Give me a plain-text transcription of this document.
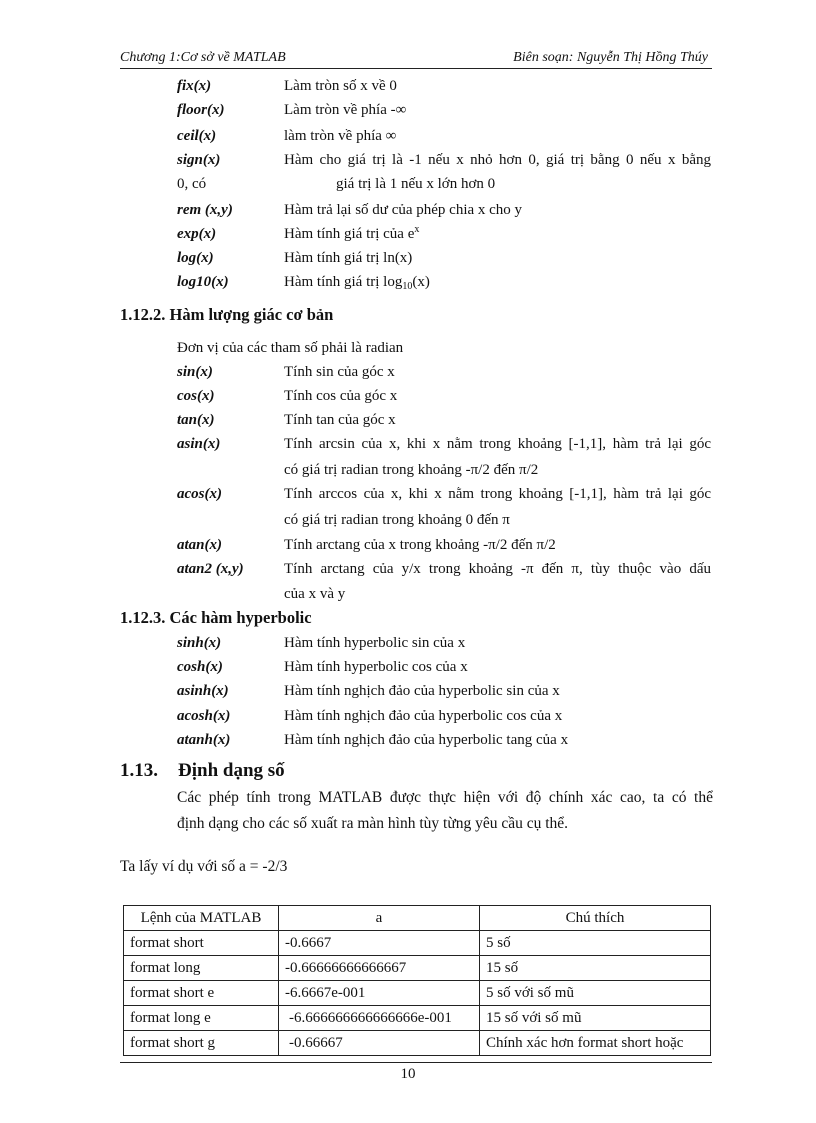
Chương 1:Cơ sở về MATLAB	Biên soạn: Nguyễn Thị Hồng Thúy
fix(x)	Làm tròn số x về 0
floor(x)	Làm tròn về phía -∞
ceil(x)	làm tròn về phía ∞
sign(x)	Hàm cho giá trị là -1 nếu x nhỏ hơn 0, giá trị bằng 0 nếu x bằng
0, có	giá trị là 1 nếu x lớn hơn 0
rem (x,y)	Hàm trả lại số dư của phép chia x cho y
exp(x)	Hàm tính giá trị của $e^x$
log(x)	Hàm tính giá trị ln(x)
log10(x)	Hàm tính giá trị $\log_{10}(x)$
1.12.2. Hàm lượng giác cơ bản
Đơn vị của các tham số phải là radian
sin(x)	Tính sin của góc x
cos(x)	Tính cos của góc x
tan(x)	Tính tan của góc x
asin(x)	Tính arcsin của x, khi x nằm trong khoảng [-1,1], hàm trả lại góc
có giá trị radian trong khoảng -π/2 đến π/2
acos(x)	Tính arccos của x, khi x nằm trong khoảng [-1,1], hàm trả lại góc
có giá trị radian trong khoảng 0 đến π
atan(x)	Tính arctang của x trong khoảng -π/2 đến π/2
atan2 (x,y)	Tính arctang của y/x trong khoảng -π đến π, tùy thuộc vào dấu
của x và y
1.12.3. Các hàm hyperbolic
sinh(x)	Hàm tính hyperbolic sin của x
cosh(x)	Hàm tính hyperbolic cos của x
asinh(x)	Hàm tính nghịch đảo của hyperbolic sin của x
acosh(x)	Hàm tính nghịch đảo của hyperbolic cos của x
atanh(x)	Hàm tính nghịch đảo của hyperbolic tang của x
1.13. Định dạng số
Các phép tính trong MATLAB được thực hiện với độ chính xác cao, ta có thể
định dạng cho các số xuất ra màn hình tùy từng yêu cầu cụ thể.
Ta lấy ví dụ với số a = -2/3
Lệnh của MATLAB	a	Chú thích
format short	-0.6667	5 số
format long	-0.66666666666667	15 số
format short e	-6.6667e-001	5 số với số mũ
format long e	-6.666666666666666e-001	15 số với số mũ
format short g	-0.66667	Chính xác hơn format short hoặc
10
